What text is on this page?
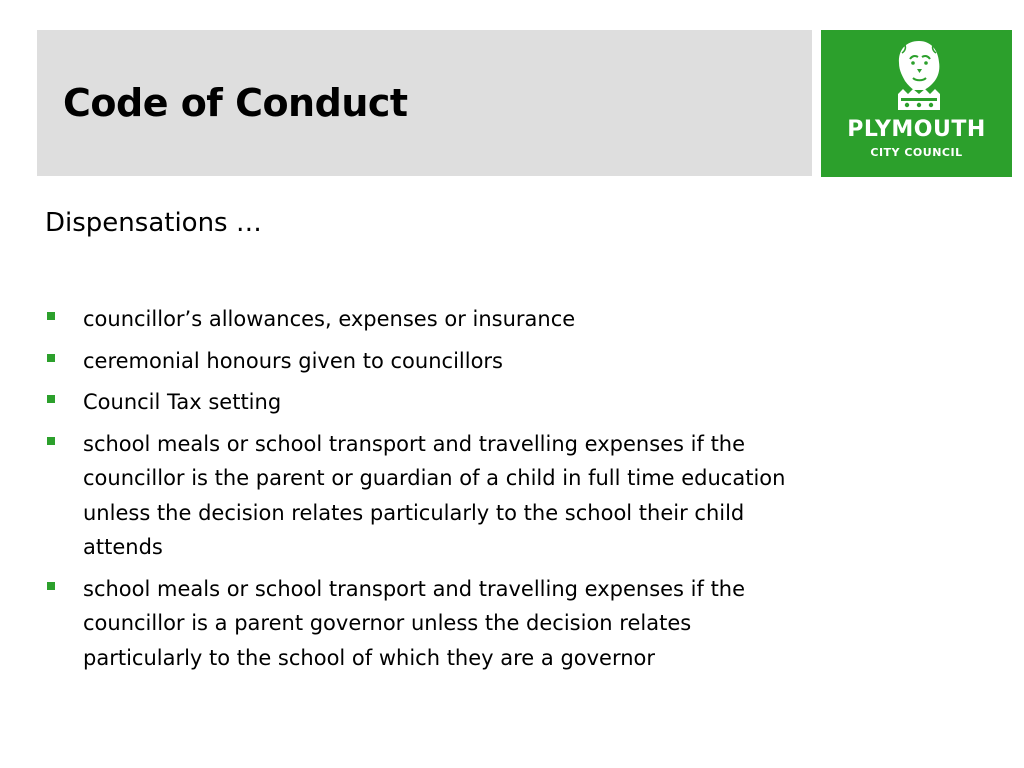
Code of Conduct
PLYMOUTH
CITY COUNCIL
Dispensations …
councillor’s allowances, expenses or insurance
ceremonial honours given to councillors
Council Tax setting
school meals or school transport and travelling expenses if the councillor is the parent or guardian of a child in full time education unless the decision relates particularly to the school their child attends
school meals or school transport and travelling expenses if the councillor is a parent governor unless the decision relates particularly to the school of which they are a governor
